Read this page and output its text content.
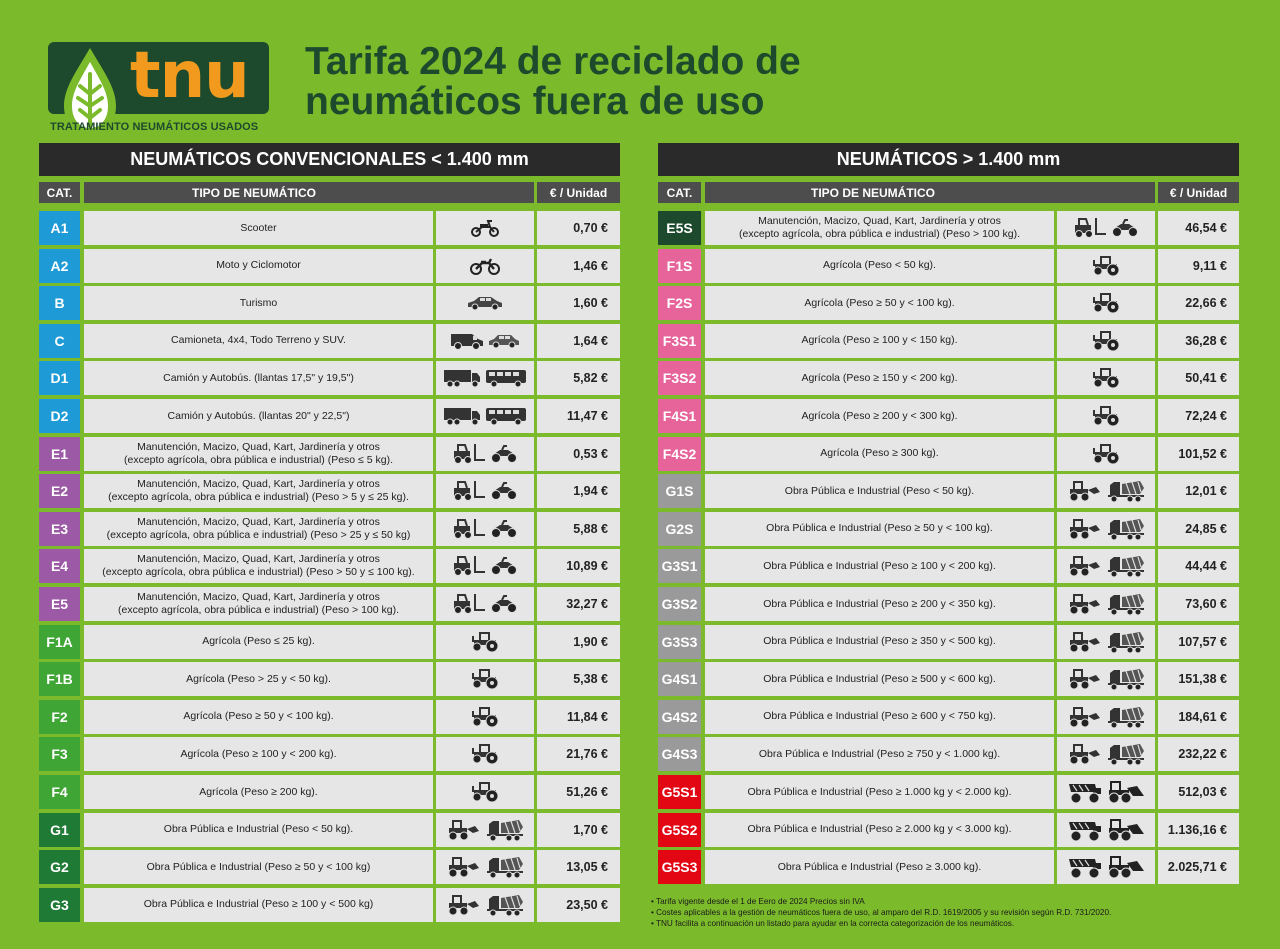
tnu
TRATAMIENTO NEUMÁTICOS USADOS
Tarifa 2024 de reciclado de
neumáticos fuera de uso
NEUMÁTICOS CONVENCIONALES < 1.400 mm
CAT.	TIPO DE NEUMÁTICO	€ / Unidad
A1	Scooter	0,70 €
A2	Moto y Ciclomotor	1,46 €
B	Turismo	1,60 €
C	Camioneta, 4x4, Todo Terreno y SUV.	1,64 €
D1	Camión y Autobús. (llantas 17,5" y 19,5")	5,82 €
D2	Camión y Autobús. (llantas 20" y 22,5")	11,47 €
E1	Manutención, Macizo, Quad, Kart, Jardinería y otros
(excepto agrícola, obra pública e industrial) (Peso ≤ 5 kg).	0,53 €
E2	Manutención, Macizo, Quad, Kart, Jardinería y otros
(excepto agrícola, obra pública e industrial) (Peso > 5 y ≤ 25 kg).	1,94 €
E3	Manutención, Macizo, Quad, Kart, Jardinería y otros
(excepto agrícola, obra pública e industrial) (Peso > 25 y ≤ 50 kg)	5,88 €
E4	Manutención, Macizo, Quad, Kart, Jardinería y otros
(excepto agrícola, obra pública e industrial) (Peso > 50 y ≤ 100 kg).	10,89 €
E5	Manutención, Macizo, Quad, Kart, Jardinería y otros
(excepto agrícola, obra pública e industrial) (Peso > 100 kg).	32,27 €
F1A	Agrícola (Peso ≤ 25 kg).	1,90 €
F1B	Agrícola (Peso > 25 y < 50 kg).	5,38 €
F2	Agrícola (Peso ≥ 50 y < 100 kg).	11,84 €
F3	Agrícola (Peso ≥ 100 y < 200 kg).	21,76 €
F4	Agrícola (Peso ≥ 200 kg).	51,26 €
G1	Obra Pública e Industrial (Peso < 50 kg).	1,70 €
G2	Obra Pública e Industrial (Peso ≥ 50 y < 100 kg)	13,05 €
G3	Obra Pública e Industrial (Peso ≥ 100 y < 500 kg)	23,50 €
NEUMÁTICOS > 1.400 mm
CAT.	TIPO DE NEUMÁTICO	€ / Unidad
E5S	Manutención, Macizo, Quad, Kart, Jardinería y otros
(excepto agrícola, obra pública e industrial) (Peso > 100 kg).	46,54 €
F1S	Agrícola (Peso < 50 kg).	9,11 €
F2S	Agrícola (Peso ≥ 50 y < 100 kg).	22,66 €
F3S1	Agrícola (Peso ≥ 100 y < 150 kg).	36,28 €
F3S2	Agrícola (Peso ≥ 150 y < 200 kg).	50,41 €
F4S1	Agrícola (Peso ≥ 200 y < 300 kg).	72,24 €
F4S2	Agrícola (Peso ≥ 300 kg).	101,52 €
G1S	Obra Pública e Industrial (Peso < 50 kg).	12,01 €
G2S	Obra Pública e Industrial (Peso ≥ 50 y < 100 kg).	24,85 €
G3S1	Obra Pública e Industrial (Peso ≥ 100 y < 200 kg).	44,44 €
G3S2	Obra Pública e Industrial (Peso ≥ 200 y < 350 kg).	73,60 €
G3S3	Obra Pública e Industrial (Peso ≥ 350 y < 500 kg).	107,57 €
G4S1	Obra Pública e Industrial (Peso ≥ 500 y < 600 kg).	151,38 €
G4S2	Obra Pública e Industrial (Peso ≥ 600 y < 750 kg).	184,61 €
G4S3	Obra Pública e Industrial (Peso ≥ 750 y < 1.000 kg).	232,22 €
G5S1	Obra Pública e Industrial (Peso ≥ 1.000 kg y < 2.000 kg).	512,03 €
G5S2	Obra Pública e Industrial (Peso ≥ 2.000 kg y < 3.000 kg).	1.136,16 €
G5S3	Obra Pública e Industrial (Peso ≥ 3.000 kg).	2.025,71 €
• Tarifa vigente desde el 1 de Eero de 2024 Precios sin IVA
• Costes aplicables a la gestión de neumáticos fuera de uso, al amparo del R.D. 1619/2005 y su revisión según R.D. 731/2020.
• TNU facilita a continuación un listado para ayudar en la correcta categorización de los neumáticos.
